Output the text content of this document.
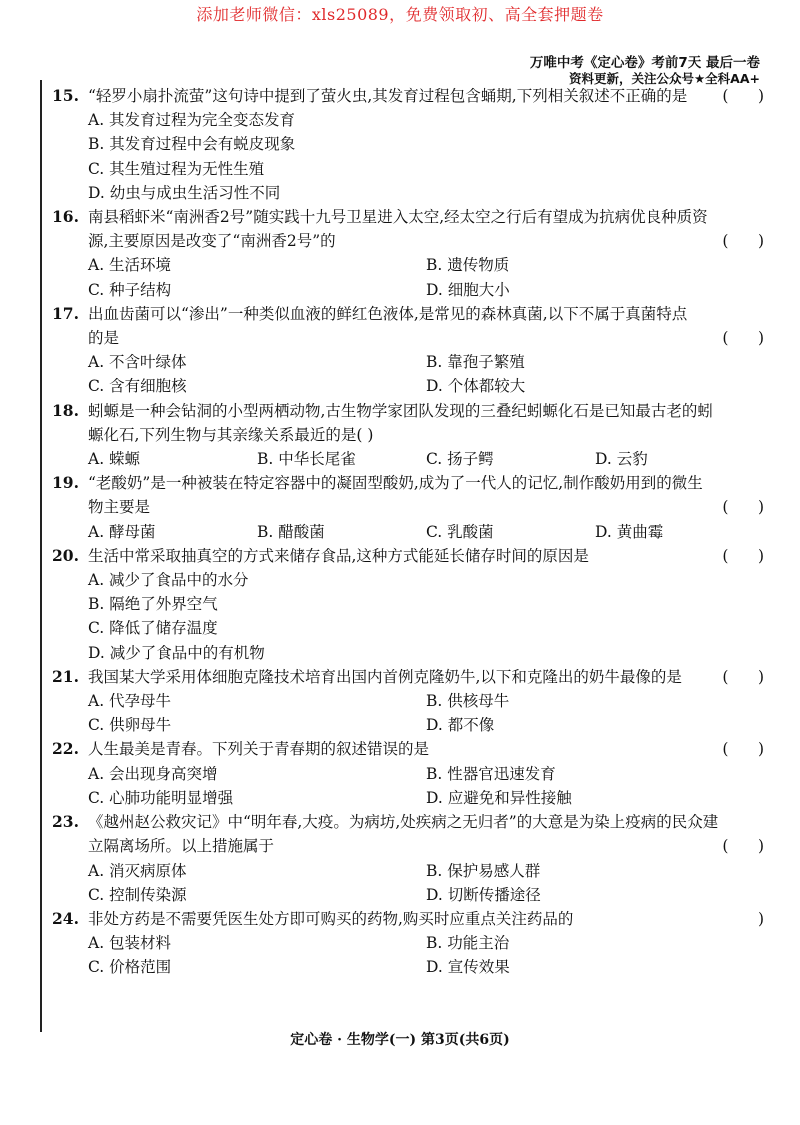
添加老师微信：xls25089，免费领取初、高全套押题卷
万唯中考《定心卷》考前7天 最后一卷
资料更新，关注公众号★全科AA+
15. “轻罗小扇扑流萤”这句诗中提到了萤火虫,其发育过程包含蛹期,下列相关叙述不正确的是	(      )
A. 其发育过程为完全变态发育
B. 其发育过程中会有蜕皮现象
C. 其生殖过程为无性生殖
D. 幼虫与成虫生活习性不同
16. 南县稻虾米“南洲香2号”随实践十九号卫星进入太空,经太空之行后有望成为抗病优良种质资
源,主要原因是改变了“南洲香2号”的	(      )
A. 生活环境	B. 遗传物质
C. 种子结构	D. 细胞大小
17. 出血齿菌可以“渗出”一种类似血液的鲜红色液体,是常见的森林真菌,以下不属于真菌特点
的是	(      )
A. 不含叶绿体	B. 靠孢子繁殖
C. 含有细胞核	D. 个体都较大
18. 蚓螈是一种会钻洞的小型两栖动物,古生物学家团队发现的三叠纪蚓螈化石是已知最古老的蚓
螈化石,下列生物与其亲缘关系最近的是( )
A. 蝾螈	B. 中华长尾雀	C. 扬子鳄	D. 云豹
19. “老酸奶”是一种被装在特定容器中的凝固型酸奶,成为了一代人的记忆,制作酸奶用到的微生
物主要是	(      )
A. 酵母菌	B. 醋酸菌	C. 乳酸菌	D. 黄曲霉
20. 生活中常采取抽真空的方式来储存食品,这种方式能延长储存时间的原因是	(      )
A. 减少了食品中的水分
B. 隔绝了外界空气
C. 降低了储存温度
D. 减少了食品中的有机物
21. 我国某大学采用体细胞克隆技术培育出国内首例克隆奶牛,以下和克隆出的奶牛最像的是	(      )
A. 代孕母牛	B. 供核母牛
C. 供卵母牛	D. 都不像
22. 人生最美是青春。下列关于青春期的叙述错误的是	(      )
A. 会出现身高突增	B. 性器官迅速发育
C. 心肺功能明显增强	D. 应避免和异性接触
23. 《越州赵公救灾记》中“明年春,大疫。为病坊,处疾病之无归者”的大意是为染上疫病的民众建
立隔离场所。以上措施属于	(      )
A. 消灭病原体	B. 保护易感人群
C. 控制传染源	D. 切断传播途径
24. 非处方药是不需要凭医生处方即可购买的药物,购买时应重点关注药品的	)
A. 包装材料	B. 功能主治
C. 价格范围	D. 宣传效果
定心卷 · 生物学(一) 第3页(共6页)
